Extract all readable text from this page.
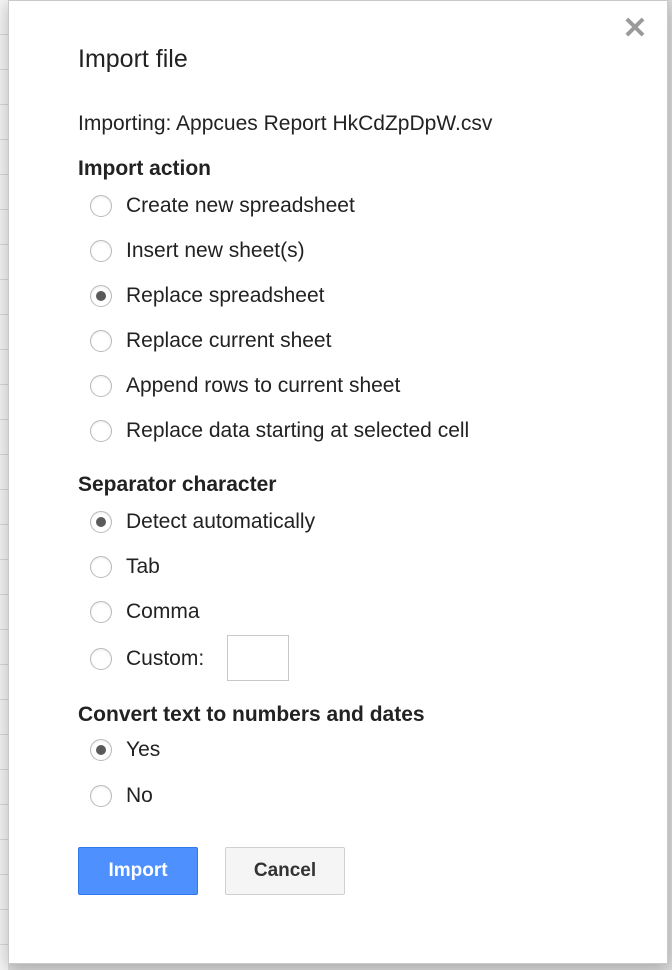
✕
Import file
Importing: Appcues Report HkCdZpDpW.csv
Import action
Create new spreadsheet
Insert new sheet(s)
Replace spreadsheet
Replace current sheet
Append rows to current sheet
Replace data starting at selected cell
Separator character
Detect automatically
Tab
Comma
Custom:
Convert text to numbers and dates
Yes
No
Import	Cancel
